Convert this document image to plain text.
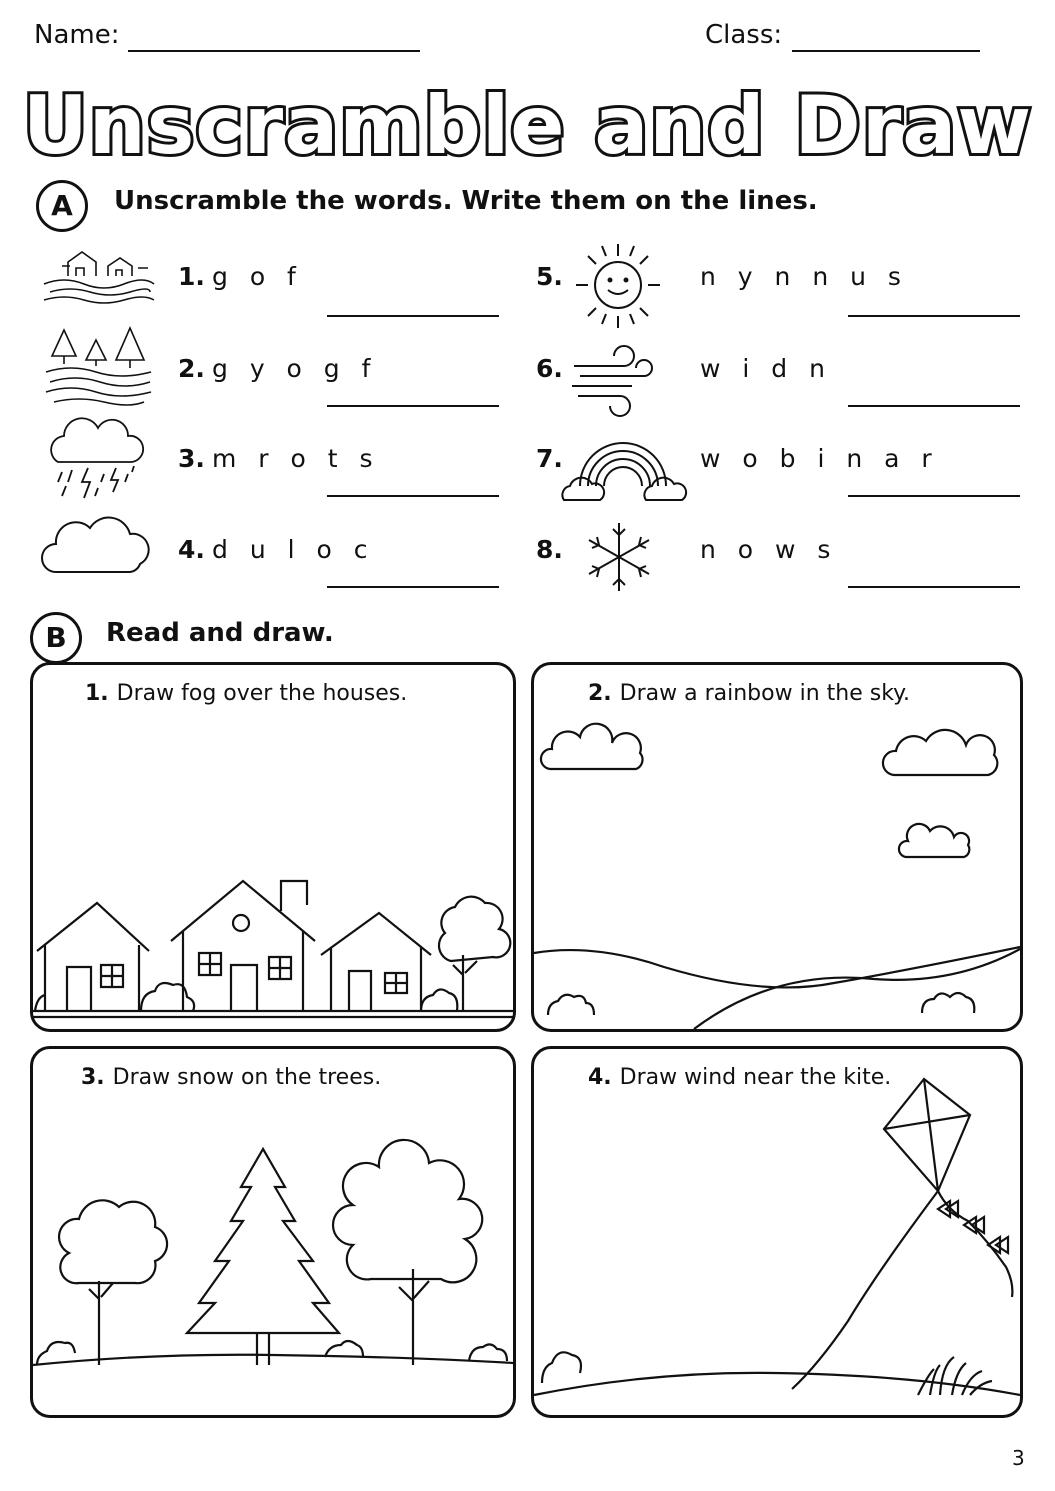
Name:	Class:
Unscramble and Draw
A	Unscramble the words. Write them on the lines.
1. g o f
2. g y o g f
3. m r o t s
4. d u l o c
5.	n y n n u s
6.	w i d n
7.	w o b i n a r
8.	n o w s
B	Read and draw.
1. Draw fog over the houses.	2. Draw a rainbow in the sky.
3. Draw snow on the trees.	4. Draw wind near the kite.
3
